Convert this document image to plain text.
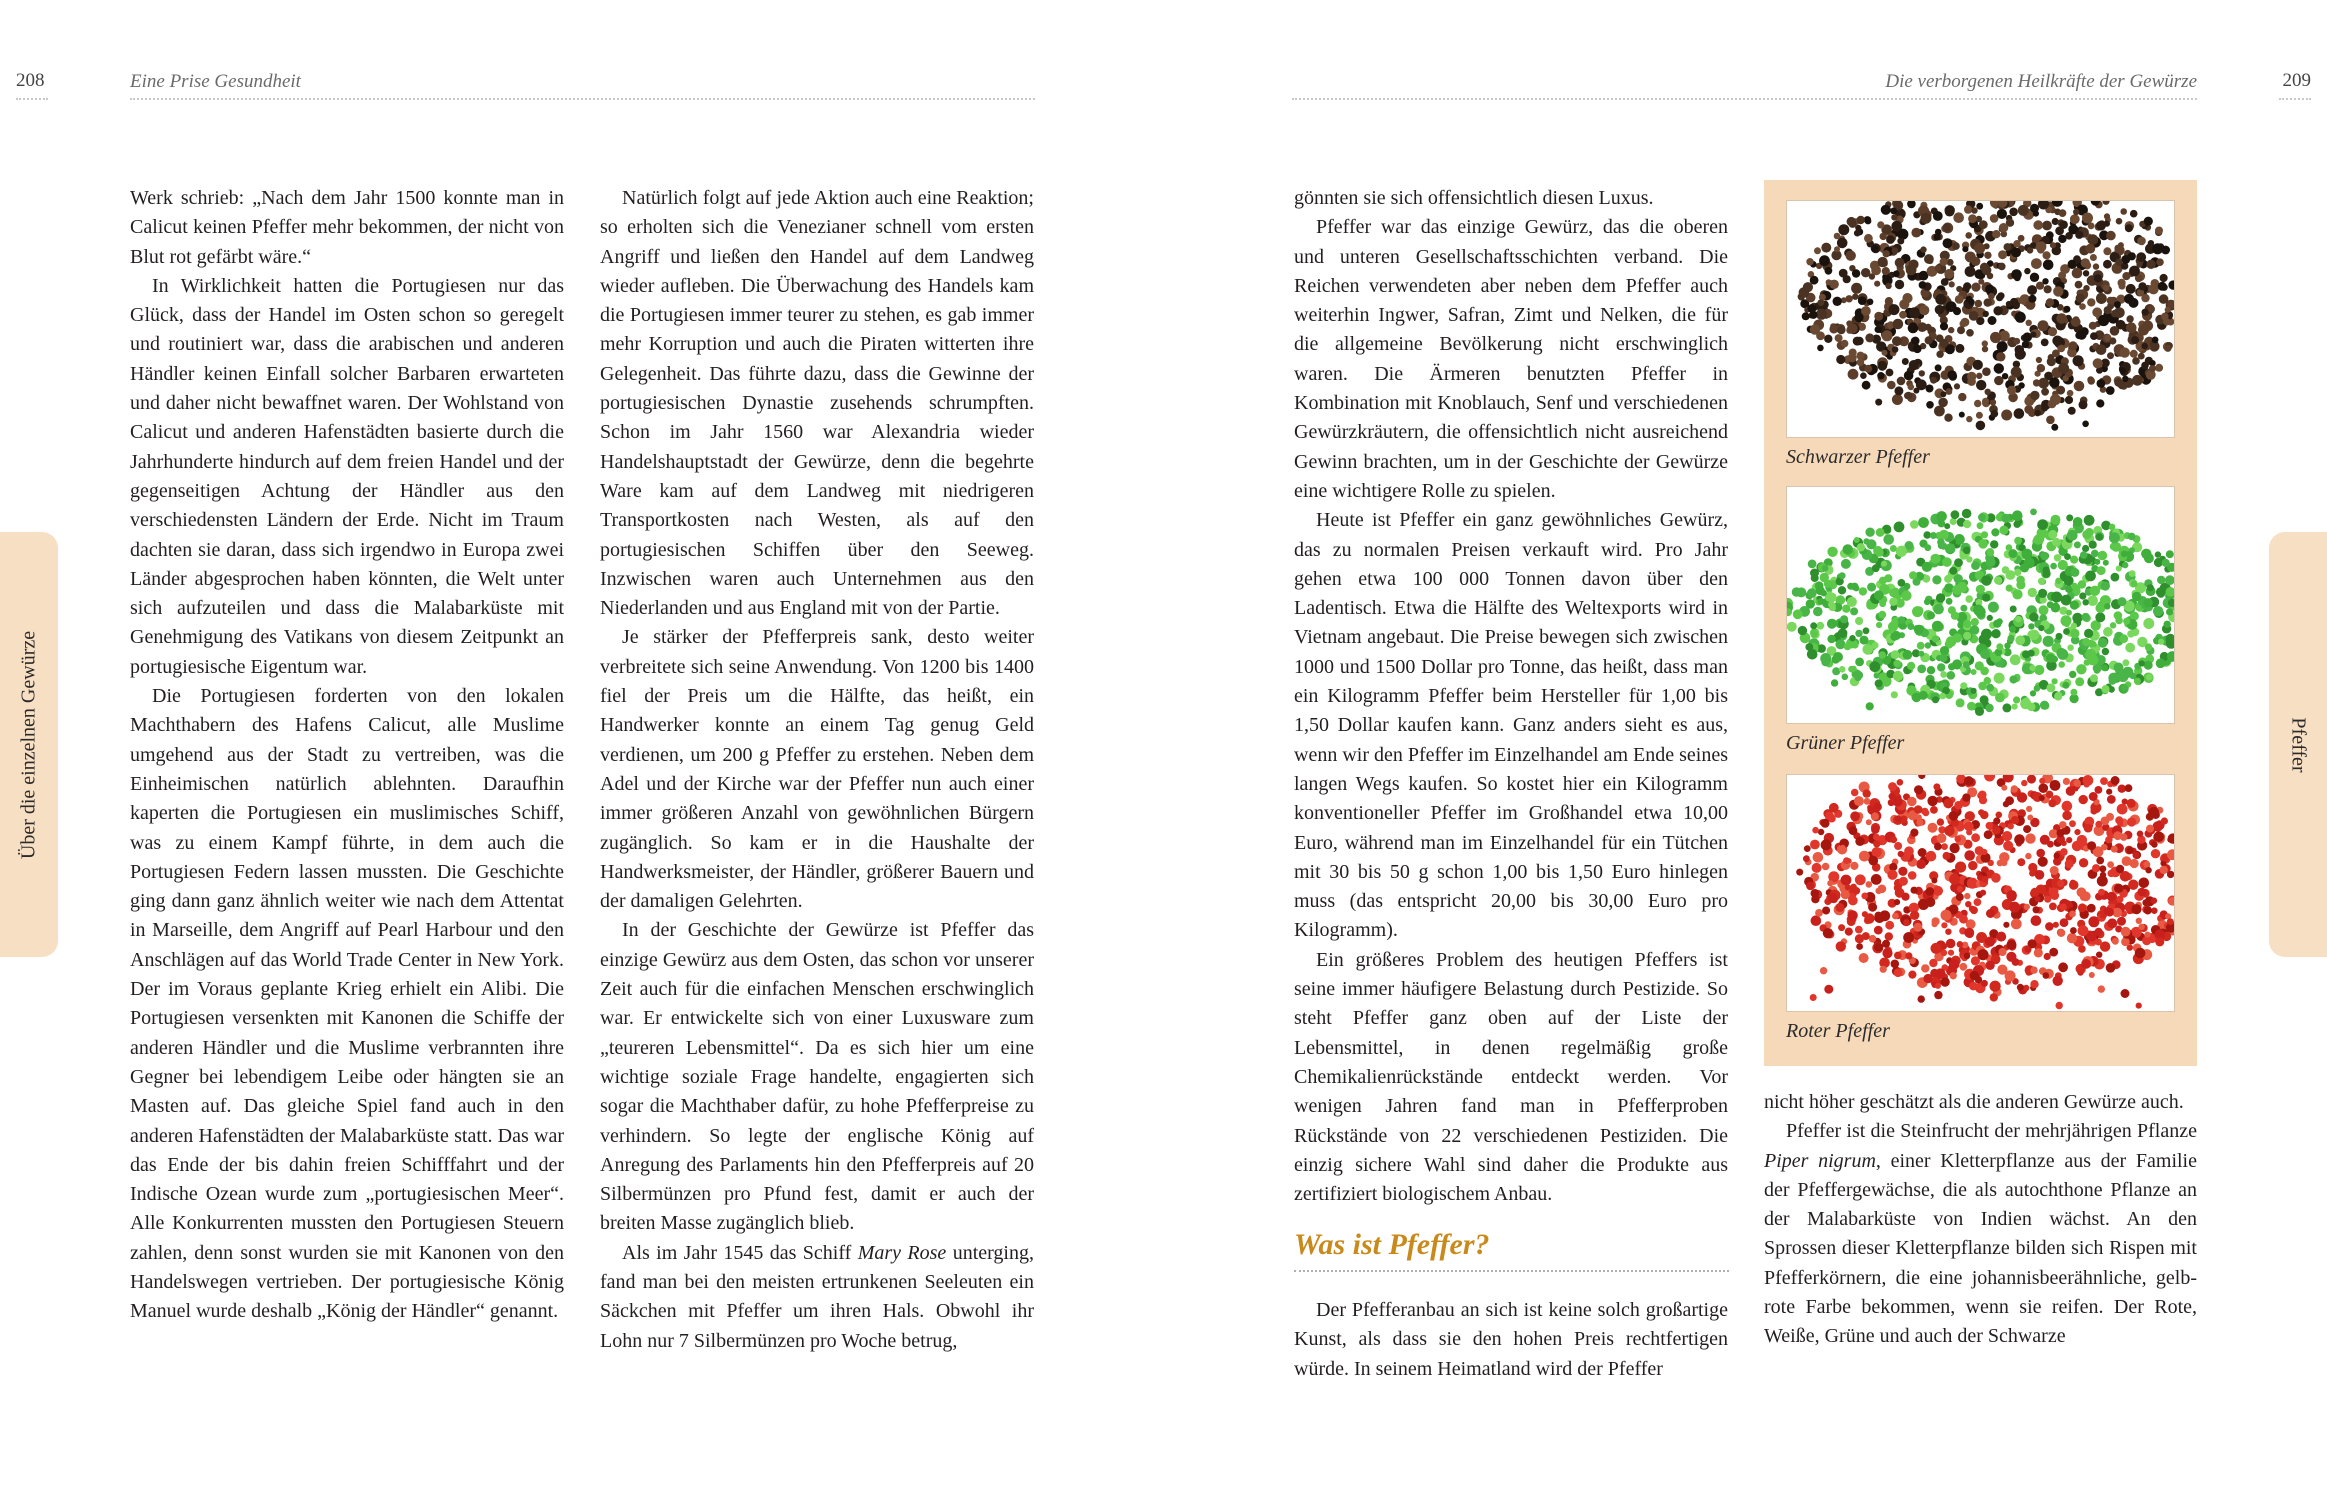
208	Eine Prise Gesundheit
Über die einzelnen Gewürze

Werk schrieb: „Nach dem Jahr 1500 konnte man in Calicut keinen Pfeffer mehr bekommen, der nicht von Blut rot gefärbt wäre.“

In Wirklichkeit hatten die Portugiesen nur das Glück, dass der Handel im Osten schon so geregelt und routiniert war, dass die arabischen und anderen Händler keinen Einfall solcher Barbaren erwarteten und daher nicht bewaffnet waren. Der Wohlstand von Calicut und anderen Hafenstädten basierte durch die Jahrhunderte hindurch auf dem freien Handel und der gegenseitigen Achtung der Händler aus den verschiedensten Ländern der Erde. Nicht im Traum dachten sie daran, dass sich irgendwo in Europa zwei Länder abgesprochen haben könnten, die Welt unter sich aufzuteilen und dass die Malabarküste mit Genehmigung des Vatikans von diesem Zeitpunkt an portugiesische Eigentum war.

Die Portugiesen forderten von den lokalen Machthabern des Hafens Calicut, alle Muslime umgehend aus der Stadt zu vertreiben, was die Einheimischen natürlich ablehnten. Daraufhin kaperten die Portugiesen ein muslimisches Schiff, was zu einem Kampf führte, in dem auch die Portugiesen Federn lassen mussten. Die Geschichte ging dann ganz ähnlich weiter wie nach dem Attentat in Marseille, dem Angriff auf Pearl Harbour und den Anschlägen auf das World Trade Center in New York. Der im Voraus geplante Krieg erhielt ein Alibi. Die Portugiesen versenkten mit Kanonen die Schiffe der anderen Händler und die Muslime verbrannten ihre Gegner bei lebendigem Leibe oder hängten sie an Masten auf. Das gleiche Spiel fand auch in den anderen Hafenstädten der Malabarküste statt. Das war das Ende der bis dahin freien Schifffahrt und der Indische Ozean wurde zum „portugiesischen Meer“. Alle Konkurrenten mussten den Portugiesen Steuern zahlen, denn sonst wurden sie mit Kanonen von den Handelswegen vertrieben. Der portugiesische König Manuel wurde deshalb „König der Händler“ genannt.

Natürlich folgt auf jede Aktion auch eine Reaktion; so erholten sich die Venezianer schnell vom ersten Angriff und ließen den Handel auf dem Landweg wieder aufleben. Die Überwachung des Handels kam die Portugiesen immer teurer zu stehen, es gab immer mehr Korruption und auch die Piraten witterten ihre Gelegenheit. Das führte dazu, dass die Gewinne der portugiesischen Dynastie zusehends schrumpften. Schon im Jahr 1560 war Alexandria wieder Handelshauptstadt der Gewürze, denn die begehrte Ware kam auf dem Landweg mit niedrigeren Transportkosten nach Westen, als auf den portugiesischen Schiffen über den Seeweg. Inzwischen waren auch Unternehmen aus den Niederlanden und aus England mit von der Partie.

Je stärker der Pfefferpreis sank, desto weiter verbreitete sich seine Anwendung. Von 1200 bis 1400 fiel der Preis um die Hälfte, das heißt, ein Handwerker konnte an einem Tag genug Geld verdienen, um 200 g Pfeffer zu erstehen. Neben dem Adel und der Kirche war der Pfeffer nun auch einer immer größeren Anzahl von gewöhnlichen Bürgern zugänglich. So kam er in die Haushalte der Handwerksmeister, der Händler, größerer Bauern und der damaligen Gelehrten.

In der Geschichte der Gewürze ist Pfeffer das einzige Gewürz aus dem Osten, das schon vor unserer Zeit auch für die einfachen Menschen erschwinglich war. Er entwickelte sich von einer Luxusware zum „teureren Lebensmittel“. Da es sich hier um eine wichtige soziale Frage handelte, engagierten sich sogar die Machthaber dafür, zu hohe Pfefferpreise zu verhindern. So legte der englische König auf Anregung des Parlaments hin den Pfefferpreis auf 20 Silbermünzen pro Pfund fest, damit er auch der breiten Masse zugänglich blieb.

Als im Jahr 1545 das Schiff Mary Rose unterging, fand man bei den meisten ertrunkenen Seeleuten ein Säckchen mit Pfeffer um ihren Hals. Obwohl ihr Lohn nur 7 Silbermünzen pro Woche betrug,

Die verborgenen Heilkräfte der Gewürze	209
Pfeffer

gönnten sie sich offensichtlich diesen Luxus.

Pfeffer war das einzige Gewürz, das die oberen und unteren Gesellschaftsschichten verband. Die Reichen verwendeten aber neben dem Pfeffer auch weiterhin Ingwer, Safran, Zimt und Nelken, die für die allgemeine Bevölkerung nicht erschwinglich waren. Die Ärmeren benutzten Pfeffer in Kombination mit Knoblauch, Senf und verschiedenen Gewürzkräutern, die offensichtlich nicht ausreichend Gewinn brachten, um in der Geschichte der Gewürze eine wichtigere Rolle zu spielen.

Heute ist Pfeffer ein ganz gewöhnliches Gewürz, das zu normalen Preisen verkauft wird. Pro Jahr gehen etwa 100 000 Tonnen davon über den Ladentisch. Etwa die Hälfte des Weltexports wird in Vietnam angebaut. Die Preise bewegen sich zwischen 1000 und 1500 Dollar pro Tonne, das heißt, dass man ein Kilogramm Pfeffer beim Hersteller für 1,00 bis 1,50 Dollar kaufen kann. Ganz anders sieht es aus, wenn wir den Pfeffer im Einzelhandel am Ende seines langen Wegs kaufen. So kostet hier ein Kilogramm konventioneller Pfeffer im Großhandel etwa 10,00 Euro, während man im Einzelhandel für ein Tütchen mit 30 bis 50 g schon 1,00 bis 1,50 Euro hinlegen muss (das entspricht 20,00 bis 30,00 Euro pro Kilogramm).

Ein größeres Problem des heutigen Pfeffers ist seine immer häufigere Belastung durch Pestizide. So steht Pfeffer ganz oben auf der Liste der Lebensmittel, in denen regelmäßig große Chemikalienrückstände entdeckt werden. Vor wenigen Jahren fand man in Pfefferproben Rückstände von 22 verschiedenen Pestiziden. Die einzig sichere Wahl sind daher die Produkte aus zertifiziert biologischem Anbau.

Was ist Pfeffer?

Der Pfefferanbau an sich ist keine solch großartige Kunst, als dass sie den hohen Preis rechtfertigen würde. In seinem Heimatland wird der Pfeffer

Schwarzer Pfeffer
Grüner Pfeffer
Roter Pfeffer

nicht höher geschätzt als die anderen Gewürze auch.

Pfeffer ist die Steinfrucht der mehrjährigen Pflanze Piper nigrum, einer Kletterpflanze aus der Familie der Pfeffergewächse, die als autochthone Pflanze an der Malabarküste von Indien wächst. An den Sprossen dieser Kletterpflanze bilden sich Rispen mit Pfefferkörnern, die eine johannisbeerähnliche, gelb-rote Farbe bekommen, wenn sie reifen. Der Rote, Weiße, Grüne und auch der Schwarze
